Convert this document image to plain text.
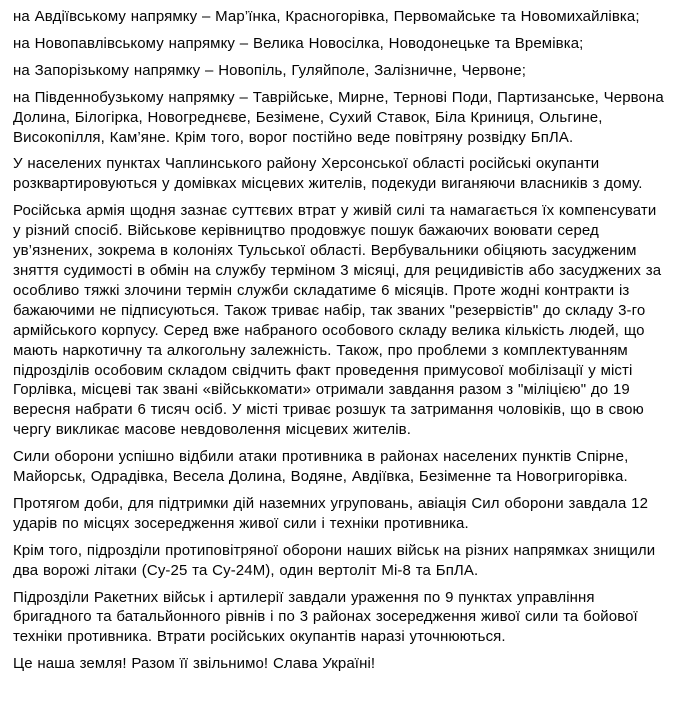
на Авдіївському напрямку – Мар’їнка, Красногорівка, Первомайське та Новомихайлівка;

на Новопавлівському напрямку – Велика Новосілка, Новодонецьке та Времівка;

на Запорізькому напрямку – Новопіль, Гуляйполе, Залізничне, Червоне;

на Південнобузькому напрямку – Таврійське, Мирне, Тернові Поди, Партизанське, Червона Долина, Білогірка, Новогреднєве, Безімене, Сухий Ставок, Біла Криниця, Ольгине, Високопілля, Кам’яне. Крім того, ворог постійно веде повітряну розвідку БпЛА.

У населених пунктах Чаплинського району Херсонської області російські окупанти розквартировуються у домівках місцевих жителів, подекуди виганяючи власників з дому.

Російська армія щодня зазнає суттєвих втрат у живій силі та намагається їх компенсувати у різний спосіб. Військове керівництво продовжує пошук бажаючих воювати серед ув’язнених, зокрема в колоніях Тульської області. Вербувальники обіцяють засудженим зняття судимості в обмін на службу терміном 3 місяці, для рецидивістів або засуджених за особливо тяжкі злочини термін служби складатиме 6 місяців. Проте жодні контракти із бажаючими не підписуються. Також триває набір, так званих "резервістів" до складу 3-го армійського корпусу. Серед вже набраного особового складу велика кількість людей, що мають наркотичну та алкогольну залежність. Також, про проблеми з комплектуванням підрозділів особовим складом свідчить факт проведення примусової мобілізації у місті Горлівка, місцеві так звані «військкомати» отримали завдання разом з "міліцією" до 19 вересня набрати 6 тисяч осіб. У місті триває розшук та затримання чоловіків, що в свою чергу викликає масове невдоволення місцевих жителів.

Сили оборони успішно відбили атаки противника в районах населених пунктів Спірне, Майорськ, Одрадівка, Весела Долина, Водяне, Авдіївка, Безіменне та Новогригорівка.

Протягом доби, для підтримки дій наземних угруповань, авіація Сил оборони завдала 12 ударів по місцях зосередження живої сили і техніки противника.

Крім того, підрозділи протиповітряної оборони наших військ на різних напрямках знищили два ворожі літаки (Су-25 та Су-24М), один вертоліт Мі-8 та БпЛА.

Підрозділи Ракетних військ і артилерії завдали ураження по 9 пунктах управління бригадного та батальйонного рівнів і по 3 районах зосередження живої сили та бойової техніки противника. Втрати російських окупантів наразі уточнюються.

Це наша земля! Разом її звільнимо! Слава Україні!
